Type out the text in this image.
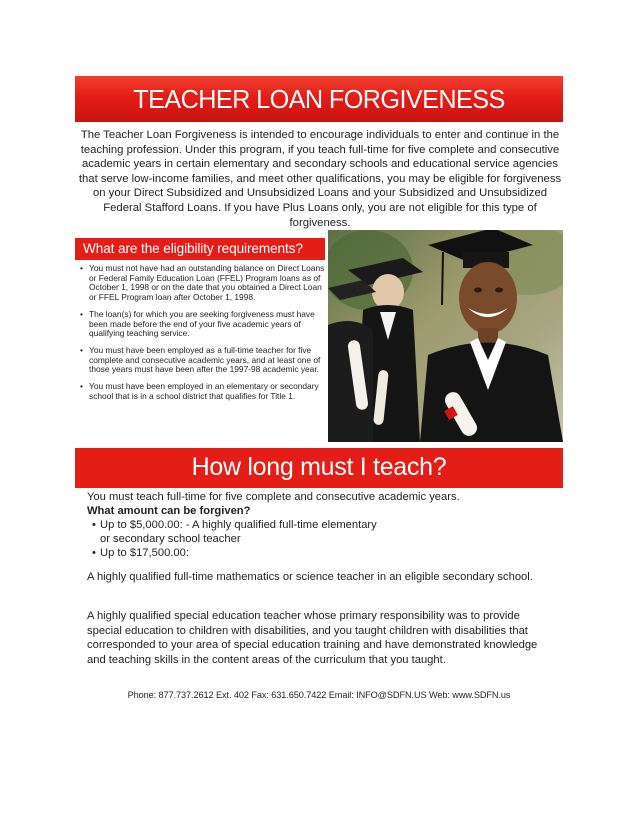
TEACHER LOAN FORGIVENESS
The Teacher Loan Forgiveness is intended to encourage individuals to enter and continue in the teaching profession. Under this program, if you teach full-time for five complete and consecutive academic years in certain elementary and secondary schools and educational service agencies that serve low-income families, and meet other qualifications, you may be eligible for forgiveness on your Direct Subsidized and Unsubsidized Loans and your Subsidized and Unsubsidized Federal Stafford Loans. If you have Plus Loans only, you are not eligible for this type of forgiveness.
What are the eligibility requirements?
• You must not have had an outstanding balance on Direct Loans or Federal Family Education Loan (FFEL) Program loans as of October 1, 1998 or on the date that you obtained a Direct Loan or FFEL Program loan after October 1, 1998.
• The loan(s) for which you are seeking forgiveness must have been made before the end of your five academic years of qualifying teaching service.
• You must have been employed as a full-time teacher for five complete and consecutive academic years, and at least one of those years must have been after the 1997-98 academic year.
• You must have been employed in an elementary or secondary school that is in a school district that qualifies for Title 1.
How long must I teach?
You must teach full-time for five complete and consecutive academic years.
What amount can be forgiven?
• Up to $5,000.00: - A highly qualified full-time elementary
or secondary school teacher
• Up to $17,500.00:
A highly qualified full-time mathematics or science teacher in an eligible secondary school.
A highly qualified special education teacher whose primary responsibility was to provide special education to children with disabilities, and you taught children with disabilities that corresponded to your area of special education training and have demonstrated knowledge and teaching skills in the content areas of the curriculum that you taught.
Phone: 877.737.2612 Ext. 402 Fax: 631.650.7422 Email: INFO@SDFN.US Web: www.SDFN.us
